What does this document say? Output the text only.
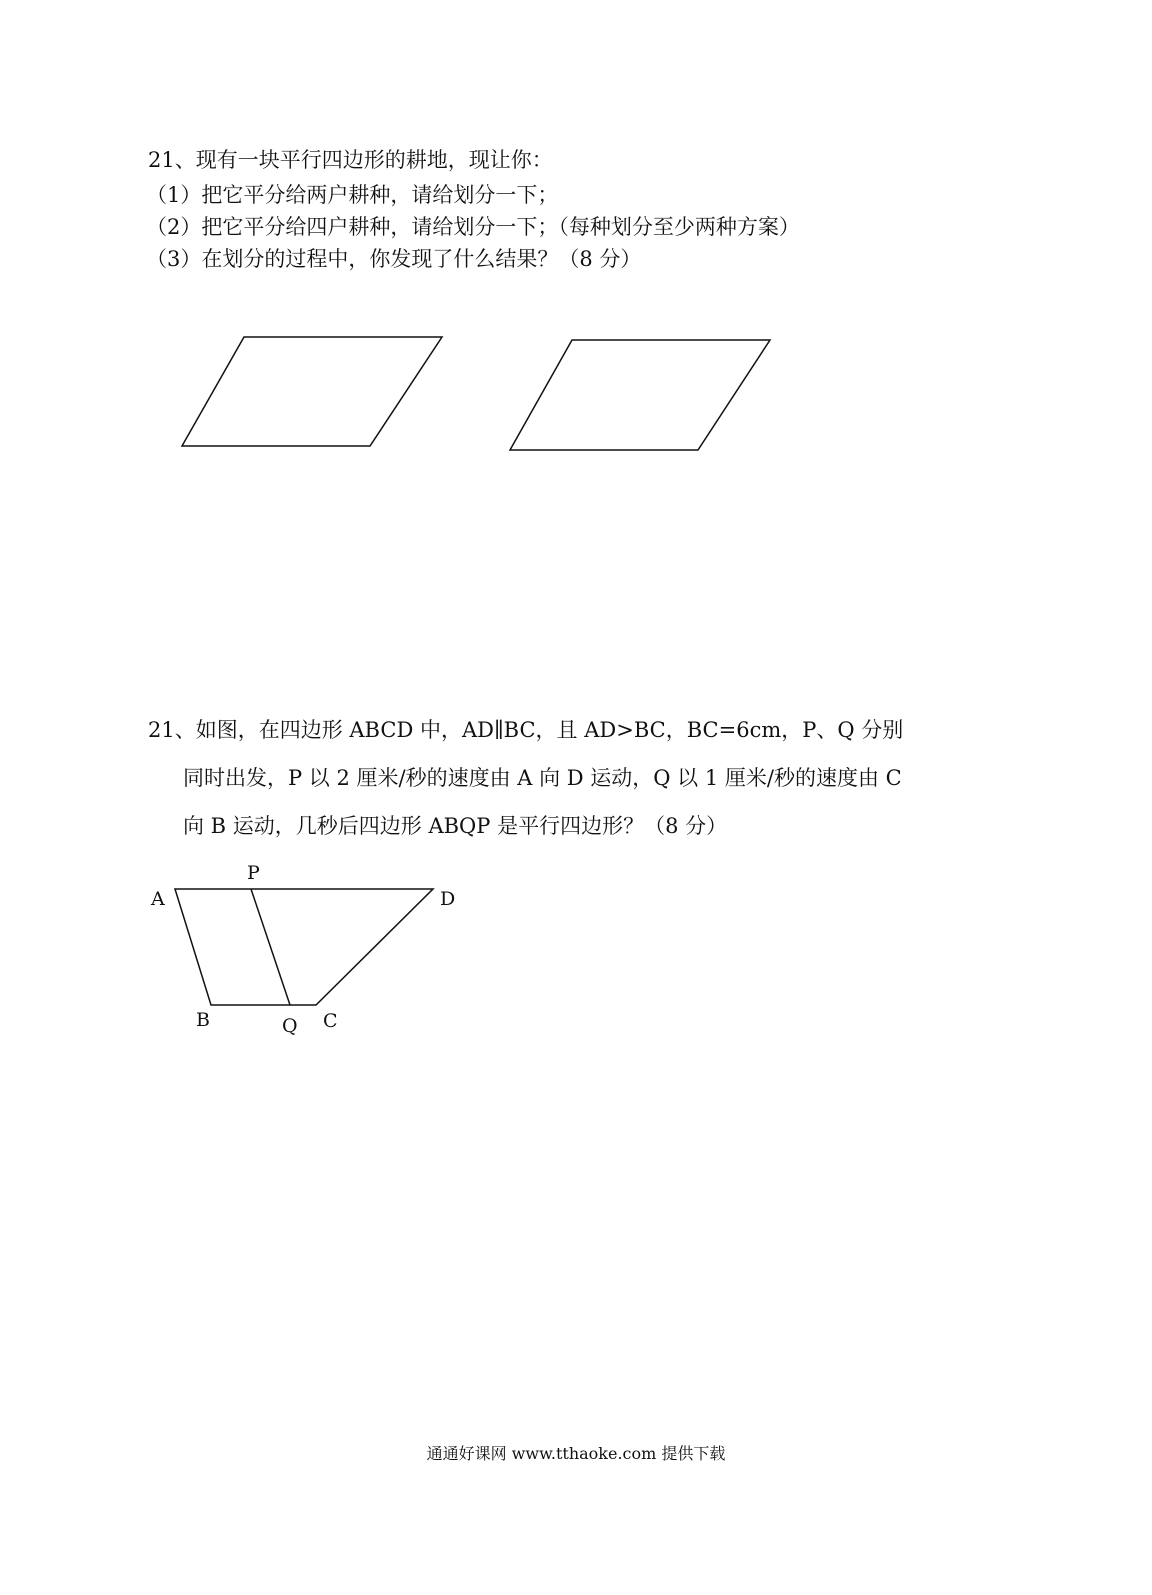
21、现有一块平行四边形的耕地，现让你：
（1）把它平分给两户耕种，请给划分一下；
（2）把它平分给四户耕种，请给划分一下；（每种划分至少两种方案）
（3）在划分的过程中，你发现了什么结果？（8 分）
21、如图，在四边形 ABCD 中，AD∥BC，且 AD>BC，BC=6cm，P、Q 分别
同时出发，P 以 2 厘米/秒的速度由 A 向 D 运动，Q 以 1 厘米/秒的速度由 C
向 B 运动，几秒后四边形 ABQP 是平行四边形？（8 分）
A
P
D
B	Q C
通通好课网 www.tthaoke.com 提供下载
